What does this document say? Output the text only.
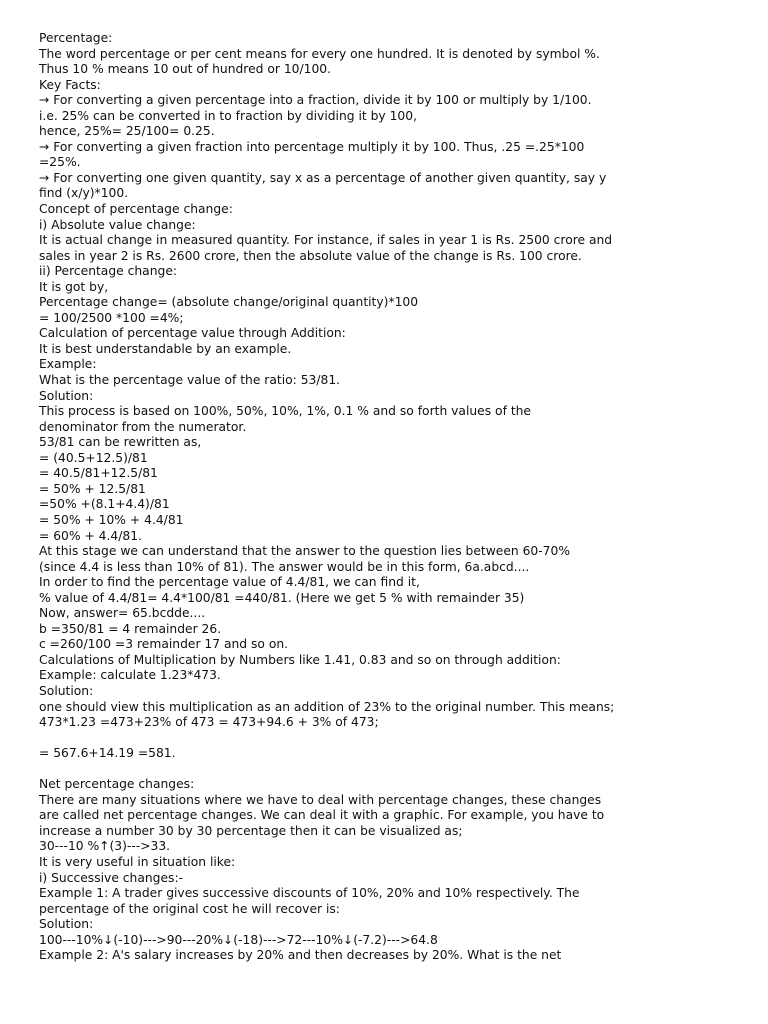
Percentage:
The word percentage or per cent means for every one hundred. It is denoted by symbol %.
Thus 10 % means 10 out of hundred or 10/100.
Key Facts:
→ For converting a given percentage into a fraction, divide it by 100 or multiply by 1/100.
i.e. 25% can be converted in to fraction by dividing it by 100,
hence, 25%= 25/100= 0.25.
→ For converting a given fraction into percentage multiply it by 100. Thus, .25 =.25*100
=25%.
→ For converting one given quantity, say x as a percentage of another given quantity, say y
find (x/y)*100.
Concept of percentage change:
i) Absolute value change:
It is actual change in measured quantity. For instance, if sales in year 1 is Rs. 2500 crore and
sales in year 2 is Rs. 2600 crore, then the absolute value of the change is Rs. 100 crore.
ii) Percentage change:
It is got by,
Percentage change= (absolute change/original quantity)*100
= 100/2500 *100 =4%;
Calculation of percentage value through Addition:
It is best understandable by an example.
Example:
What is the percentage value of the ratio: 53/81.
Solution:
This process is based on 100%, 50%, 10%, 1%, 0.1 % and so forth values of the
denominator from the numerator.
53/81 can be rewritten as,
= (40.5+12.5)/81
= 40.5/81+12.5/81
= 50% + 12.5/81
=50% +(8.1+4.4)/81
= 50% + 10% + 4.4/81
= 60% + 4.4/81.
At this stage we can understand that the answer to the question lies between 60-70%
(since 4.4 is less than 10% of 81). The answer would be in this form, 6a.abcd....
In order to find the percentage value of 4.4/81, we can find it,
% value of 4.4/81= 4.4*100/81 =440/81. (Here we get 5 % with remainder 35)
Now, answer= 65.bcdde....
b =350/81 = 4 remainder 26.
c =260/100 =3 remainder 17 and so on.
Calculations of Multiplication by Numbers like 1.41, 0.83 and so on through addition:
Example: calculate 1.23*473.
Solution:
one should view this multiplication as an addition of 23% to the original number. This means;
473*1.23 =473+23% of 473 = 473+94.6 + 3% of 473;
= 567.6+14.19 =581.
Net percentage changes:
There are many situations where we have to deal with percentage changes, these changes
are called net percentage changes. We can deal it with a graphic. For example, you have to
increase a number 30 by 30 percentage then it can be visualized as;
30---10 %↑(3)--->33.
It is very useful in situation like:
i) Successive changes:-
Example 1: A trader gives successive discounts of 10%, 20% and 10% respectively. The
percentage of the original cost he will recover is:
Solution:
100---10%↓(-10)--->90---20%↓(-18)--->72---10%↓(-7.2)--->64.8
Example 2: A's salary increases by 20% and then decreases by 20%. What is the net
